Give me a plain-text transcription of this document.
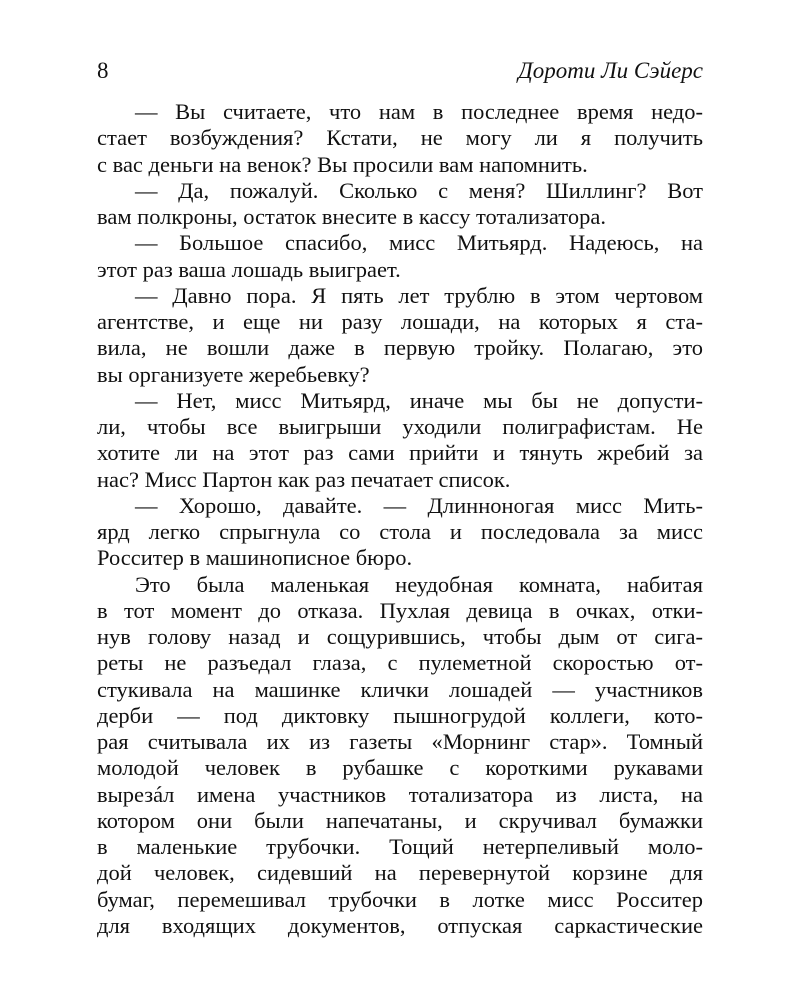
8	Дороти Ли Сэйерс
— Вы считаете, что нам в последнее время недо-
стает возбуждения? Кстати, не могу ли я получить
с вас деньги на венок? Вы просили вам напомнить.
— Да, пожалуй. Сколько с меня? Шиллинг? Вот
вам полкроны, остаток внесите в кассу тотализатора.
— Большое спасибо, мисс Митьярд. Надеюсь, на
этот раз ваша лошадь выиграет.
— Давно пора. Я пять лет трублю в этом чертовом
агентстве, и еще ни разу лошади, на которых я ста-
вила, не вошли даже в первую тройку. Полагаю, это
вы организуете жеребьевку?
— Нет, мисс Митьярд, иначе мы бы не допусти-
ли, чтобы все выигрыши уходили полиграфистам. Не
хотите ли на этот раз сами прийти и тянуть жребий за
нас? Мисс Партон как раз печатает список.
— Хорошо, давайте. — Длинноногая мисс Мить-
ярд легко спрыгнула со стола и последовала за мисс
Росситер в машинописное бюро.
Это была маленькая неудобная комната, набитая
в тот момент до отказа. Пухлая девица в очках, отки-
нув голову назад и сощурившись, чтобы дым от сига-
реты не разъедал глаза, с пулеметной скоростью от-
стукивала на машинке клички лошадей — участников
дерби — под диктовку пышногрудой коллеги, кото-
рая считывала их из газеты «Морнинг стар». Томный
молодой человек в рубашке с короткими рукавами
вырезáл имена участников тотализатора из листа, на
котором они были напечатаны, и скручивал бумажки
в маленькие трубочки. Тощий нетерпеливый моло-
дой человек, сидевший на перевернутой корзине для
бумаг, перемешивал трубочки в лотке мисс Росситер
для входящих документов, отпуская саркастические
